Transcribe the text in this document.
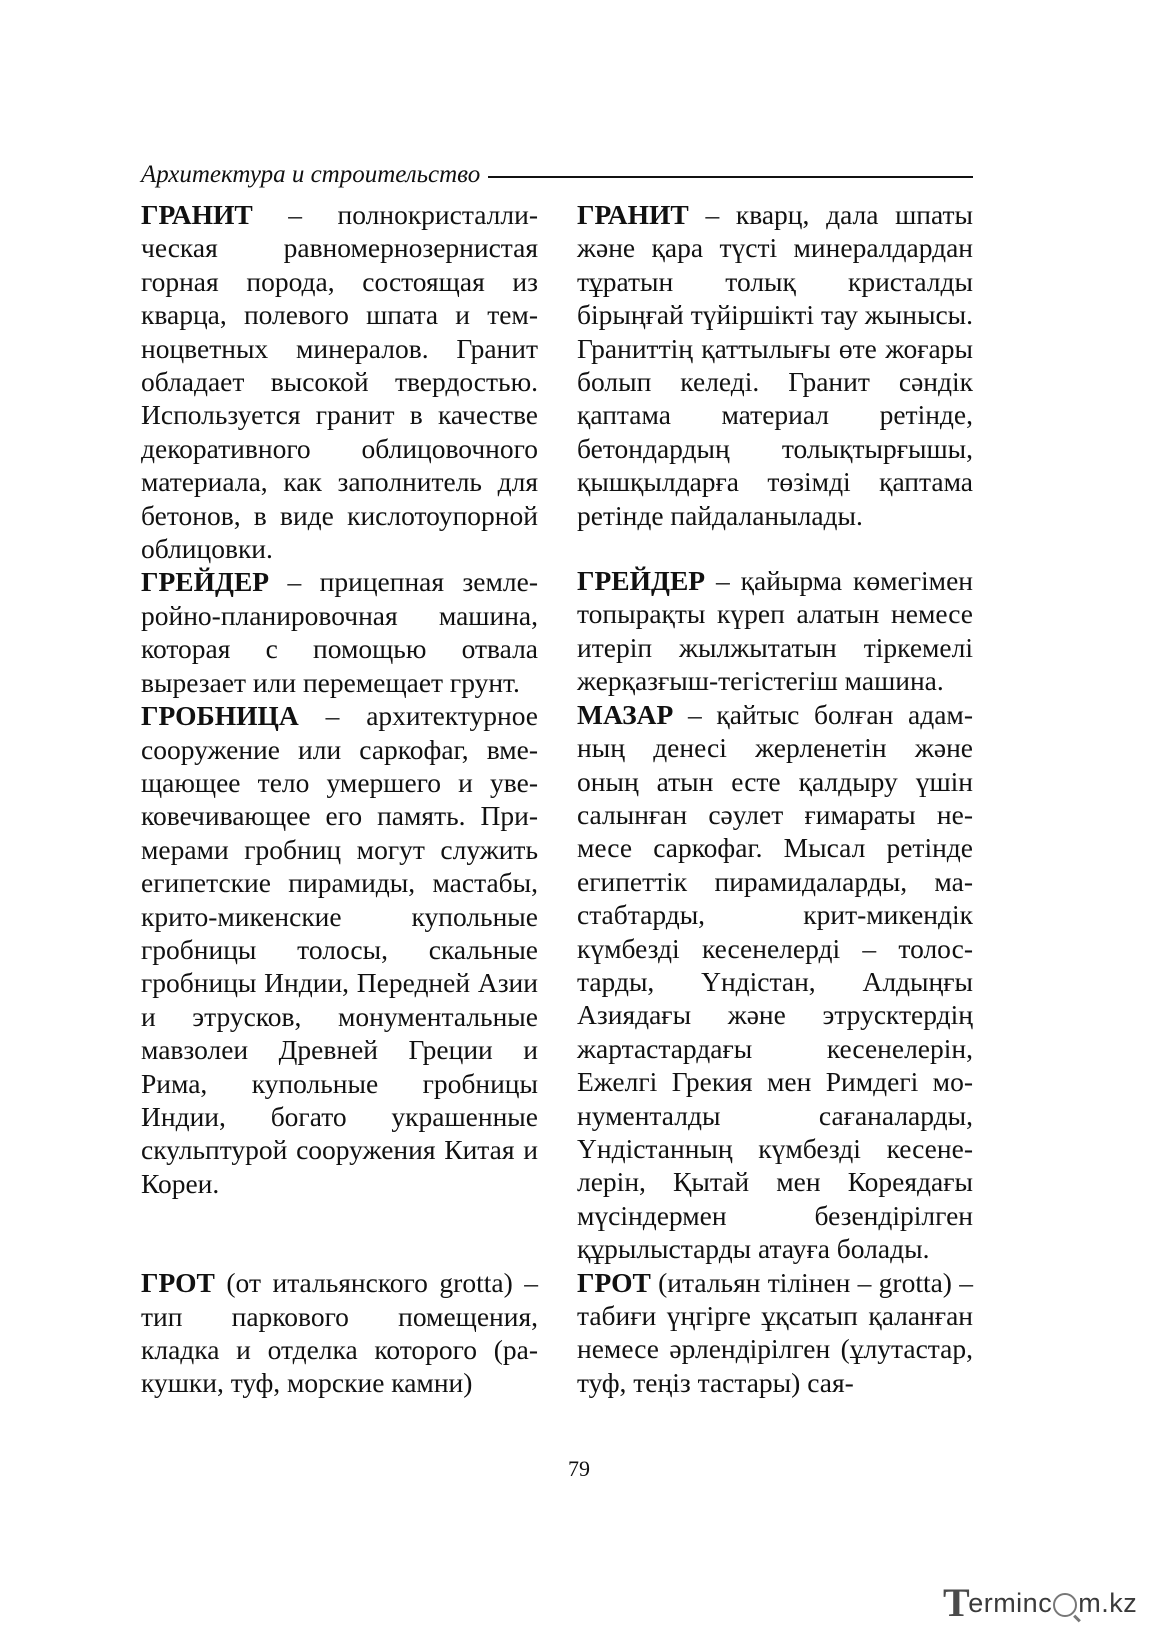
Архитектура и строительство

ГРАНИТ – полнокристаллическая равномернозернистая горная порода, состоящая из кварца, полевого шпата и темноцветных минералов. Гранит обладает высокой твердостью. Используется гранит в качестве декоративного облицовочного материала, как заполнитель для бетонов, в виде кислотоупорной облицовки.

ГРЕЙДЕР – прицепная землеройно-планировочная машина, которая с помощью отвала вырезает или перемещает грунт.

ГРОБНИЦА – архитектурное сооружение или саркофаг, вмещающее тело умершего и увековечивающее его память. Примерами гробниц могут служить египетские пирамиды, мастабы, крито-микенские купольные гробницы толосы, скальные гробницы Индии, Передней Азии и этрусков, монументальные мавзолеи Древней Греции и Рима, купольные гробницы Индии, богато украшенные скульптурой сооружения Китая и Кореи.

ГРОТ (от итальянского grotta) – тип паркового помещения, кладка и отделка которого (ракушки, туф, морские камни)

ГРАНИТ – кварц, дала шпаты және қара түсті минералдардан тұратын толық кристалды бірыңғай түйіршікті тау жынысы. Граниттің қаттылығы өте жоғары болып келеді. Гранит сәндік қаптама материал ретінде, бетондардың толықтырғышы, қышқылдарға төзімді қаптама ретінде пайдаланылады.

ГРЕЙДЕР – қайырма көмегімен топырақты күреп алатын немесе итеріп жылжытатын тіркемелі жерқазғыш-тегістегіш машина.

МАЗАР – қайтыс болған адамның денесі жерленетін және оның атын есте қалдыру үшін салынған сәулет ғимараты немесе саркофаг. Мысал ретінде египеттік пирамидаларды, мастабтарды, крит-микендік күмбезді кесенелерді – толостарды, Үндістан, Алдыңғы Азиядағы және этрусктердің жартастардағы кесенелерін, Ежелгі Грекия мен Римдегі монументалды сағаналарды, Үндістанның күмбезді кесенелерін, Қытай мен Кореядағы мүсіндермен безендірілген құрылыстарды атауға болады.

ГРОТ (итальян тілінен – grotta) – табиғи үңгірге ұқсатып қаланған немесе әрлендірілген (ұлутастар, туф, теңіз тастары) сая-

79
T
erminc m.kz
